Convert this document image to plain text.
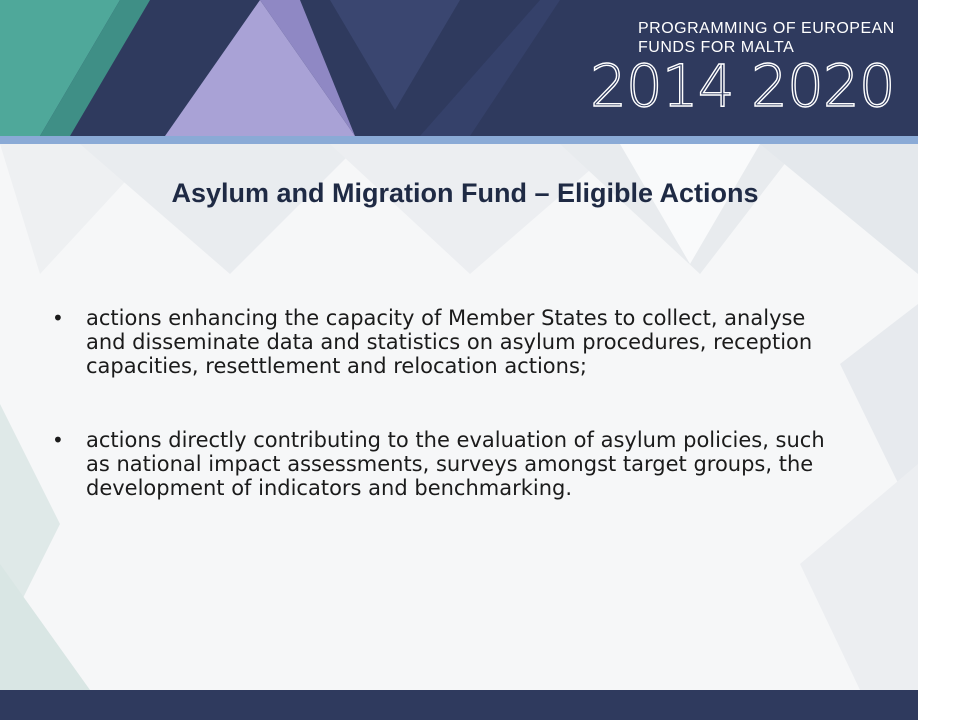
PROGRAMMING OF EUROPEAN
FUNDS FOR MALTA
2014 2020
Asylum and Migration Fund – Eligible Actions
• actions enhancing the capacity of Member States to collect, analyse and disseminate data and statistics on asylum procedures, reception capacities, resettlement and relocation actions;
• actions directly contributing to the evaluation of asylum policies, such as national impact assessments, surveys amongst target groups, the development of indicators and benchmarking.
